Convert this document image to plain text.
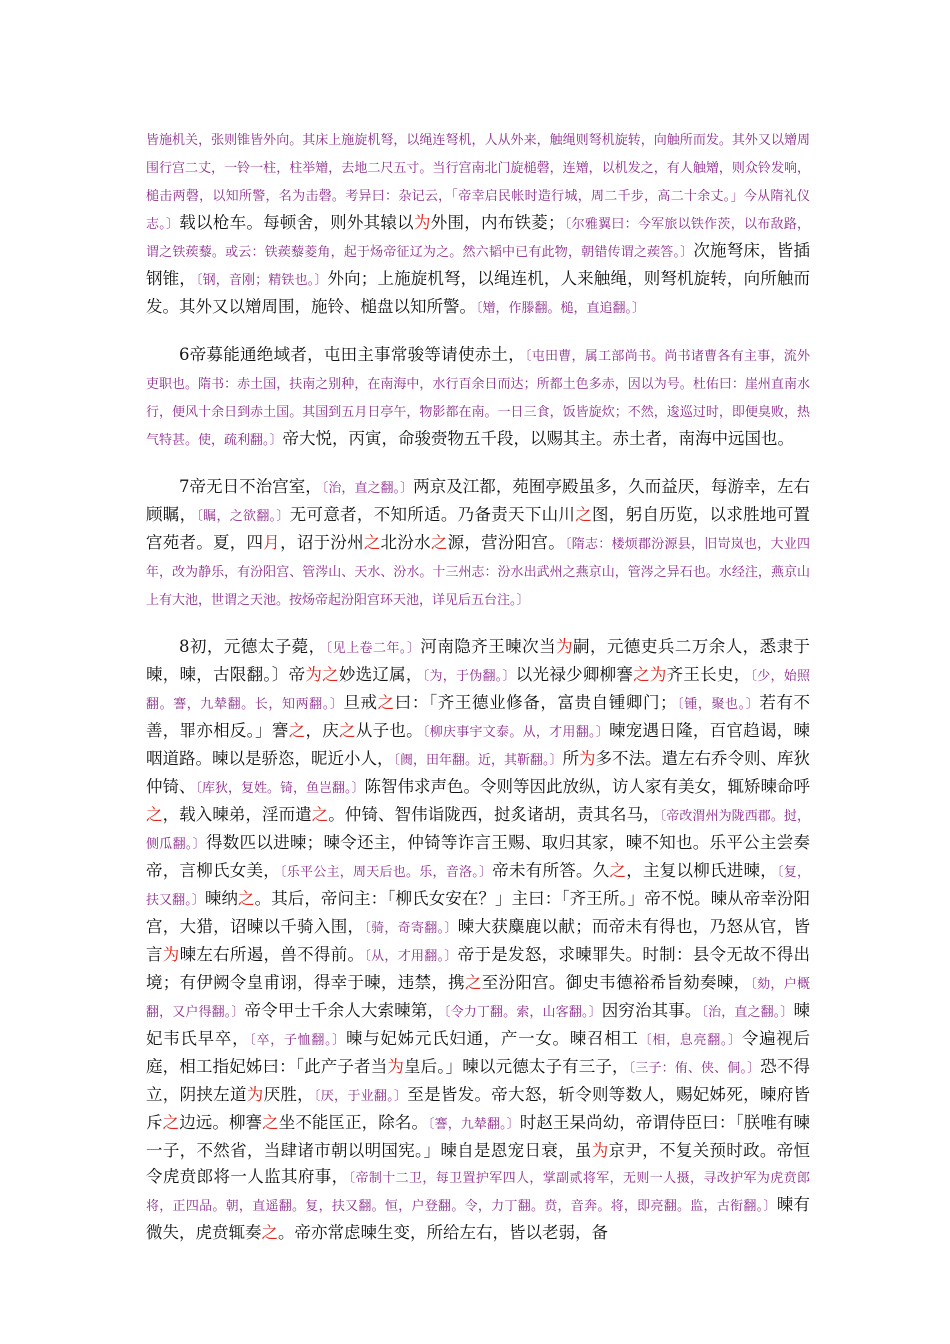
皆施机关，张则锥皆外向。其床上施旋机弩，以绳连弩机，人从外来，触绳则弩机旋转，向触所而发。其外又以矰周围行宫二丈，一铃一柱，柱举矰，去地二尺五寸。当行宫南北门旋槌磬，连矰，以机发之，有人触矰，则众铃发响，槌击两磬，以知所警，名为击磬。考异曰：杂记云，「帝幸启民帐时造行城，周二千步，高二十余丈。」今从隋礼仪志。〕载以枪车。每顿舍，则外其辕以为外围，内布铁菱；〔尔雅翼曰：今军旅以铁作茨，以布敌路，谓之铁蒺藜。或云：铁蒺藜菱角，起于炀帝征辽为之。然六韬中已有此物，朝错传谓之蒺答。〕次施弩床，皆插钢锥，〔钢，音刚；精铁也。〕外向；上施旋机弩，以绳连机，人来触绳，则弩机旋转，向所触而发。其外又以矰周围，施铃、槌盘以知所警。〔矰，作滕翻。槌，直追翻。〕

6帝募能通绝域者，屯田主事常骏等请使赤土，〔屯田曹，属工部尚书。尚书诸曹各有主事，流外吏职也。隋书：赤土国，扶南之别种，在南海中，水行百余日而达；所都土色多赤，因以为号。杜佑曰：崖州直南水行，便风十余日到赤土国。其国到五月日亭午，物影都在南。一日三食，饭皆旋炊；不然，逡巡过时，即便臭败，热气特甚。使，疏利翻。〕帝大悦，丙寅，命骏赍物五千段，以赐其主。赤土者，南海中远国也。

7帝无日不治宫室，〔治，直之翻。〕两京及江都，苑囿亭殿虽多，久而益厌，每游幸，左右顾瞩，〔瞩，之欲翻。〕无可意者，不知所适。乃备责天下山川之图，躬自历览，以求胜地可置宫苑者。夏，四月，诏于汾州之北汾水之源，营汾阳宫。〔隋志：楼烦郡汾源县，旧岢岚也，大业四年，改为静乐，有汾阳宫、管涔山、天水、汾水。十三州志：汾水出武州之燕京山，管涔之异石也。水经注，燕京山上有大池，世谓之天池。按炀帝起汾阳宫环天池，详见后五台注。〕

8初，元德太子薨，〔见上卷二年。〕河南隐齐王暕次当为嗣，元德吏兵二万余人，悉隶于暕，暕，古限翻。〕帝为之妙选辽属，〔为，于伪翻。〕以光禄少卿柳謇之为齐王长史，〔少，始照翻。謇，九辇翻。长，知两翻。〕旦戒之曰：「齐王德业修备，富贵自锺卿门；〔锺，聚也。〕若有不善，罪亦相反。」謇之，庆之从子也。〔柳庆事宇文泰。从，才用翻。〕暕宠遇日隆，百官趋谒，暕咽道路。暕以是骄恣，昵近小人，〔阓，田年翻。近，其靳翻。〕所为多不法。遣左右乔令则、库狄仲锜、〔库狄，复姓。锜，鱼岂翻。〕陈智伟求声色。令则等因此放纵，访人家有美女，辄矫暕命呼之，载入暕弟，淫而遣之。仲锜、智伟诣陇西，挝炙诸胡，责其名马，〔帝改渭州为陇西郡。挝，侧瓜翻。〕得数匹以进暕；暕令还主，仲锜等诈言王赐、取归其家，暕不知也。乐平公主尝奏帝，言柳氏女美，〔乐平公主，周天后也。乐，音洛。〕帝未有所答。久之，主复以柳氏进暕，〔复，扶又翻。〕暕纳之。其后，帝问主：「柳氏女安在？」主曰：「齐王所。」帝不悦。暕从帝幸汾阳宫，大猎，诏暕以千骑入围，〔骑，奇寄翻。〕暕大获麋鹿以献；而帝未有得也，乃怒从官，皆言为暕左右所遏，兽不得前。〔从，才用翻。〕帝于是发怒，求暕罪失。时制：县令无故不得出境；有伊阙令皇甫诩，得幸于暕，违禁，携之至汾阳宫。御史韦德裕希旨劾奏暕，〔劾，户概翻，又户得翻。〕帝令甲士千余人大索暕第，〔令力丁翻。索，山客翻。〕因穷治其事。〔治，直之翻。〕暕妃韦氏早卒，〔卒，子恤翻。〕暕与妃姊元氏妇通，产一女。暕召相工〔相，息亮翻。〕令遍视后庭，相工指妃姊曰：「此产子者当为皇后。」暕以元德太子有三子，〔三子：侑、侠、侗。〕恐不得立，阴挟左道为厌胜，〔厌，于业翻。〕至是皆发。帝大怒，斩令则等数人，赐妃姊死，暕府皆斥之边远。柳謇之坐不能匡正，除名。〔謇，九辇翻。〕时赵王杲尚幼，帝谓侍臣曰：「朕唯有暕一子，不然省，当肆诸市朝以明国宪。」暕自是恩宠日衰，虽为京尹，不复关预时政。帝恒令虎贲郎将一人监其府事，〔帝制十二卫，每卫置护军四人，掌副贰将军，无则一人摄，寻改护军为虎贲郎将，正四品。朝，直遥翻。复，扶又翻。恒，户登翻。令，力丁翻。贲，音奔。将，即亮翻。监，古衔翻。〕暕有微失，虎贲辄奏之。帝亦常虑暕生变，所给左右，皆以老弱，备
